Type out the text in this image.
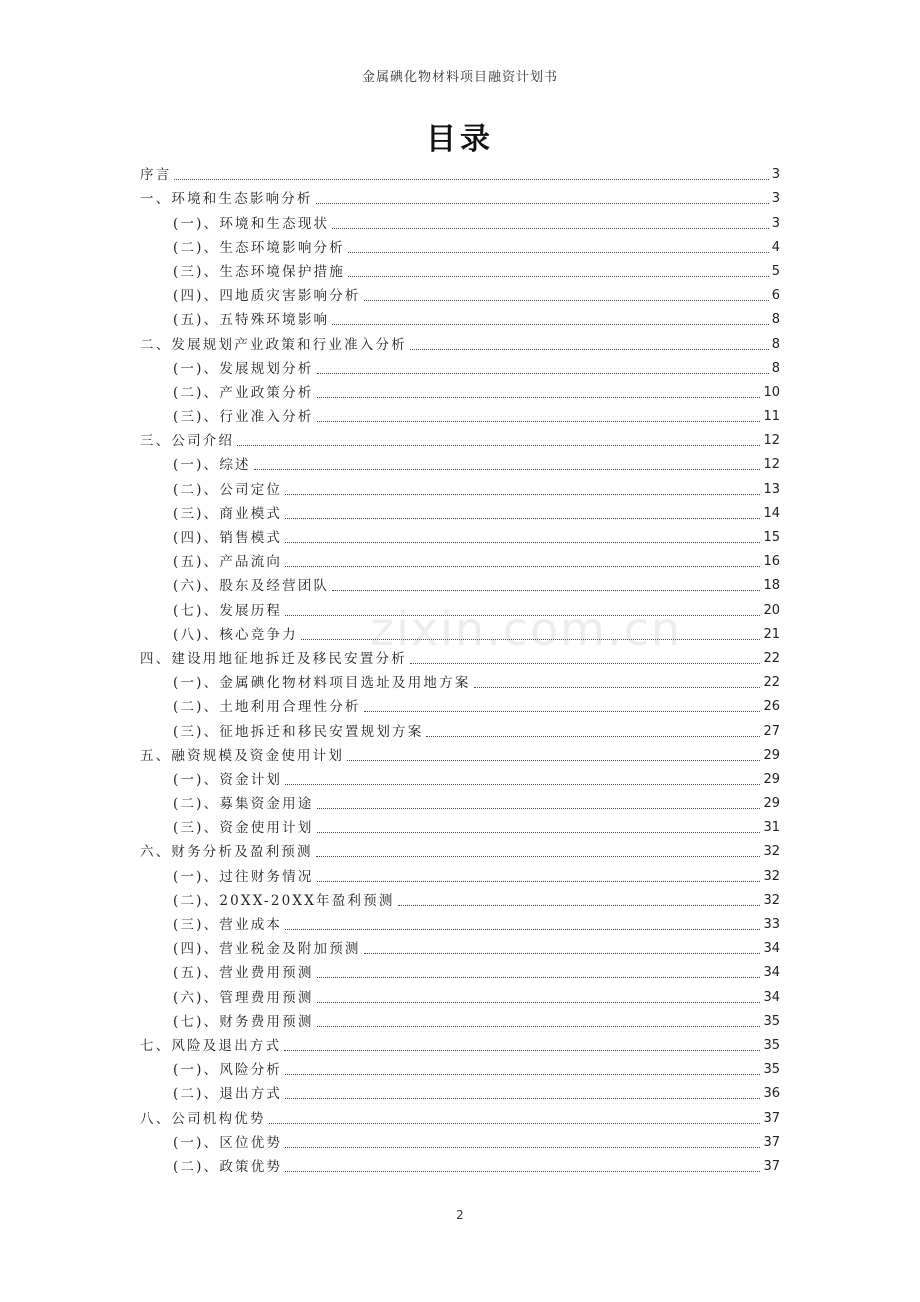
金属碘化物材料项目融资计划书
目录
序言	3
一、环境和生态影响分析	3
(一)、环境和生态现状	3
(二)、生态环境影响分析	4
(三)、生态环境保护措施	5
(四)、四地质灾害影响分析	6
(五)、五特殊环境影响	8
二、发展规划产业政策和行业准入分析	8
(一)、发展规划分析	8
(二)、产业政策分析	10
(三)、行业准入分析	11
三、公司介绍	12
(一)、综述	12
(二)、公司定位	13
(三)、商业模式	14
(四)、销售模式	15
(五)、产品流向	16
(六)、股东及经营团队	18
(七)、发展历程	20
(八)、核心竞争力	21
四、建设用地征地拆迁及移民安置分析	22
(一)、金属碘化物材料项目选址及用地方案	22
(二)、土地利用合理性分析	26
(三)、征地拆迁和移民安置规划方案	27
五、融资规模及资金使用计划	29
(一)、资金计划	29
(二)、募集资金用途	29
(三)、资金使用计划	31
六、财务分析及盈利预测	32
(一)、过往财务情况	32
(二)、20XX-20XX年盈利预测	32
(三)、营业成本	33
(四)、营业税金及附加预测	34
(五)、营业费用预测	34
(六)、管理费用预测	34
(七)、财务费用预测	35
七、风险及退出方式	35
(一)、风险分析	35
(二)、退出方式	36
八、公司机构优势	37
(一)、区位优势	37
(二)、政策优势	37
zixin.com.cn
2
